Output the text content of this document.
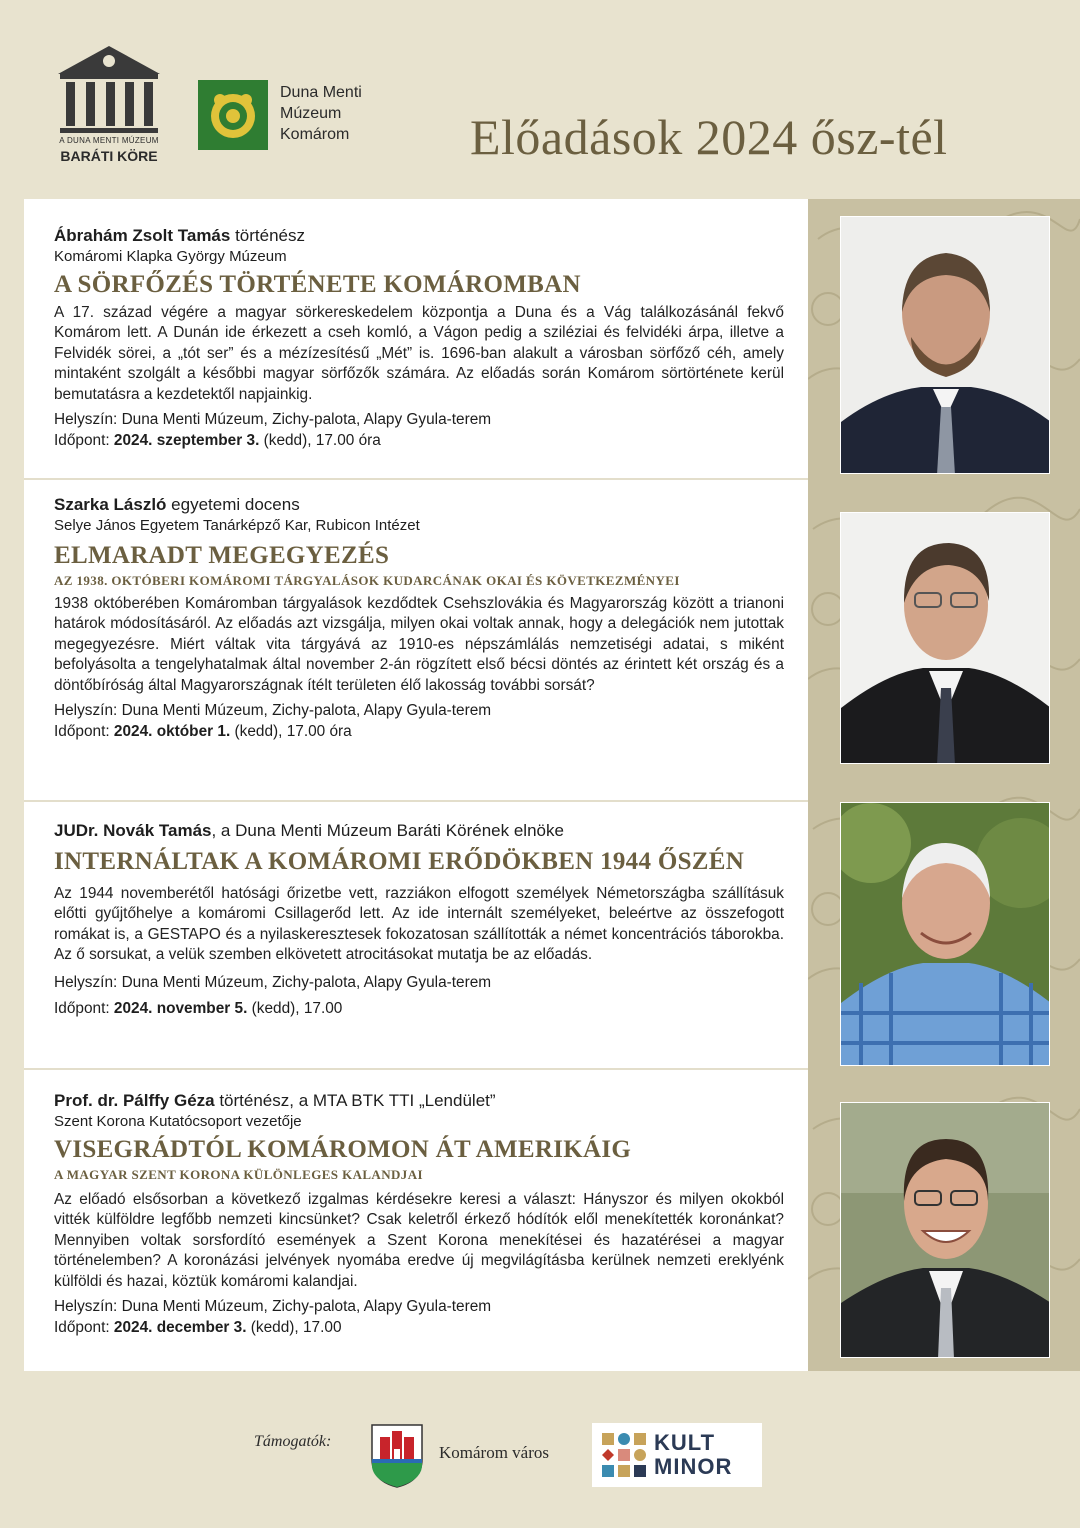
A DUNA MENTI MÚZEUM
BARÁTI KÖRE
Duna Menti
Múzeum
Komárom Előadások 2024 ősz-tél
Ábrahám Zsolt Tamás történész
Komáromi Klapka György Múzeum
A SÖRFŐZÉS TÖRTÉNETE KOMÁROMBAN
A 17. század végére a magyar sörkereskedelem központja a Duna és a Vág találkozásánál fekvő Komárom lett. A Dunán ide érkezett a cseh komló, a Vágon pedig a sziléziai és felvidéki árpa, illetve a Felvidék sörei, a „tót ser” és a mézízesítésű „Mét” is. 1696-ban alakult a városban sörfőző céh, amely mintaként szolgált a későbbi magyar sörfőzők számára. Az előadás során Komárom sörtörténete kerül bemutatásra a kezdetektől napjainkig.
Helyszín: Duna Menti Múzeum, Zichy-palota, Alapy Gyula-terem
Időpont: 2024. szeptember 3. (kedd), 17.00 óra
Szarka László egyetemi docens
Selye János Egyetem Tanárképző Kar, Rubicon Intézet
ELMARADT MEGEGYEZÉS
AZ 1938. OKTÓBERI KOMÁROMI TÁRGYALÁSOK KUDARCÁNAK OKAI ÉS KÖVETKEZMÉNYEI
1938 októberében Komáromban tárgyalások kezdődtek Csehszlovákia és Magyarország között a trianoni határok módosításáról. Az előadás azt vizsgálja, milyen okai voltak annak, hogy a delegációk nem jutottak megegyezésre. Miért váltak vita tárgyává az 1910-es népszámlálás nemzetiségi adatai, s miként befolyásolta a tengelyhatalmak által november 2-án rögzített első bécsi döntés az érintett két ország és a döntőbíróság által Magyarországnak ítélt területen élő lakosság további sorsát?
Helyszín: Duna Menti Múzeum, Zichy-palota, Alapy Gyula-terem
Időpont: 2024. október 1. (kedd), 17.00 óra
JUDr. Novák Tamás, a Duna Menti Múzeum Baráti Körének elnöke
INTERNÁLTAK A KOMÁROMI ERŐDÖKBEN 1944 ŐSZÉN
Az 1944 novemberétől hatósági őrizetbe vett, razziákon elfogott személyek Németországba szállításuk előtti gyűjtőhelye a komáromi Csillagerőd lett. Az ide internált személyeket, beleértve az összefogott romákat is, a GESTAPO és a nyilaskeresztesek fokozatosan szállították a német koncentrációs táborokba. Az ő sorsukat, a velük szemben elkövetett atrocitásokat mutatja be az előadás.
Helyszín: Duna Menti Múzeum, Zichy-palota, Alapy Gyula-terem
Időpont: 2024. november 5. (kedd), 17.00
Prof. dr. Pálffy Géza történész, a MTA BTK TTI „Lendület”
Szent Korona Kutatócsoport vezetője
VISEGRÁDTÓL KOMÁROMON ÁT AMERIKÁIG
A MAGYAR SZENT KORONA KÜLÖNLEGES KALANDJAI
Az előadó elsősorban a következő izgalmas kérdésekre keresi a választ: Hányszor és milyen okokból vitték külföldre legfőbb nemzeti kincsünket? Csak keletről érkező hódítók elől menekítették koronánkat? Mennyiben voltak sorsfordító események a Szent Korona menekítései és hazatérései a magyar történelemben? A koronázási jelvények nyomába eredve új megvilágításba kerülnek nemzeti ereklyénk külföldi és hazai, köztük komáromi kalandjai.
Helyszín: Duna Menti Múzeum, Zichy-palota, Alapy Gyula-terem
Időpont: 2024. december 3. (kedd), 17.00
Támogatók:
Komárom város	KULT
MINOR
